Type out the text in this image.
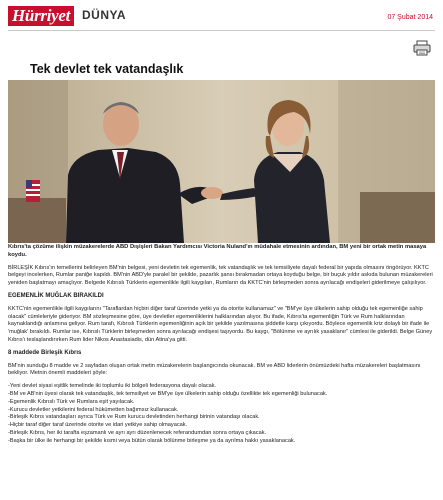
Hürriyet DÜNYA	07 Şubat 2014
Tek devlet tek vatandaşlık

Kıbrıs'ta çözüme ilişkin müzakerelerde ABD Dışişleri Bakan Yardımcısı Victoria Nuland'ın müdahale etmesinin ardından, BM yeni bir ortak metin masaya koydu.

BİRLEŞİK Kıbrıs'ın temellerini belirleyen BM'nin belgesi, yeni devletin tek egemenlik, tek vatandaşlık ve tek temsiliyete dayalı federal bir yapıda olmasını öngörüyor. KKTC belgeyi incelerken, Rumlar paniğe kapıldı. BM'nin ABD'yle paralel bir şekilde, pazarlık şansı bırakmadan ortaya koyduğu belge, bir buçuk yıldır askıda bulunan müzakereleri yeniden başlatmayı amaçlıyor. Belgede Kıbrıslı Türklerin egemenlikle ilgili kaygıları, Rumların da KKTC'nin birleşmeden sonra ayrılacağı endişeleri giderilmeye çalışılıyor.

EGEMENLİK MUĞLAK BIRAKILDI

KKTC'nin egemenlikle ilgili kaygılarını "Taraflardan hiçbiri diğer taraf üzerinde yetki ya da otorite kullanamaz" ve "BM'ye üye ülkelerin sahip olduğu tek egemenliğe sahip olacak" cümleleriyle gideriyor. BM sözleşmesine göre, üye devletler egemenliklerini halklarından alıyor. Bu ifade, Kıbrıs'ta egemenliğin Türk ve Rum halklarından kaynaklandığı anlamına geliyor. Rum tarafı, Kıbrıslı Türklerin egemenliğinin açık bir şekilde yazılmasına şiddetle karşı çıkıyordu. Böylece egemenlik kriz dolaylı bir ifade ile 'muğlak' bırakıldı. Rumlar ise, Kıbrıslı Türklerin birleşmeden sonra ayrılacağı endişesi taşıyordu. Bu kaygı, "Bölünme ve ayrılık yasaklanır" cümlesi ile giderildi. Belge Güney Kıbrıs'ı teslaşlandırırken Rum lider Nikos Anastasiadis, dün Atina'ya gitti.

8 maddede Birleşik Kıbrıs

BM'nin sunduğu 8 madde ve 2 sayfadan oluşan ortak metin müzakerelerin başlangıcında okunacak. BM ve ABD liderlerin önümüzdeki hafta müzakereleri başlatmasını bekliyor. Metnin önemli maddeleri şöyle:

-Yeni devlet siyasi eşitlik temelinde iki toplumlu iki bölgeli federasyona dayalı olacak.
-BM ve AB'nin üyesi olarak tek vatandaşlık, tek temsiliyet ve BM'ye üye ülkelerin sahip olduğu özellikte tek egemenliği bulunacak.
-Egemenlik Kıbrıslı Türk ve Rumlara eşit yayılacak.
-Kurucu devletler yetkilerini federal hükümetten bağımsız kullanacak.
-Birleşik Kıbrıs vatandaşları ayrıca Türk ve Rum kurucu devletinden herhangi birinin vatandaşı olacak.
-Hiçbir taraf diğer taraf üzerinde otorite ve idari yetkiye sahip olmayacak.
-Birleşik Kıbrıs, her iki tarafta eşzamanlı ve ayrı ayrı düzenlenecek referandumdan sonra ortaya çıkacak.
-Başka bir ülke ile herhangi bir şekilde kısmi veya bütün olarak bölünme birleşme ya da ayrılma hakkı yasaklanacak.
